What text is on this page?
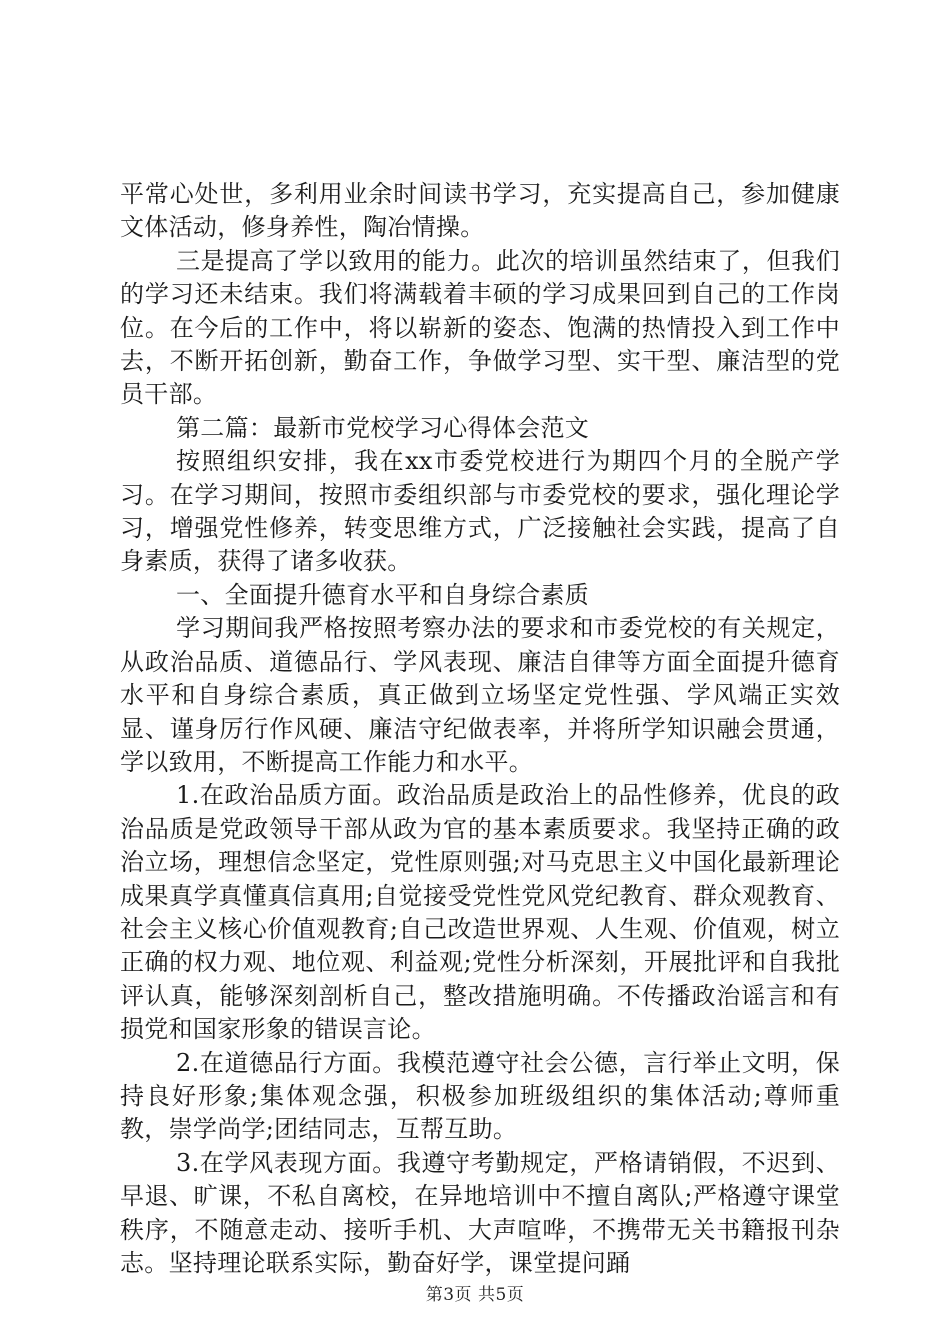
平常心处世，多利用业余时间读书学习，充实提高自己，参加健康文体活动，修身养性，陶冶情操。

三是提高了学以致用的能力。此次的培训虽然结束了，但我们的学习还未结束。我们将满载着丰硕的学习成果回到自己的工作岗位。在今后的工作中，将以崭新的姿态、饱满的热情投入到工作中去，不断开拓创新，勤奋工作，争做学习型、实干型、廉洁型的党员干部。

第二篇：最新市党校学习心得体会范文

按照组织安排，我在xx市委党校进行为期四个月的全脱产学习。在学习期间，按照市委组织部与市委党校的要求，强化理论学习，增强党性修养，转变思维方式，广泛接触社会实践，提高了自身素质，获得了诸多收获。

一、全面提升德育水平和自身综合素质

学习期间我严格按照考察办法的要求和市委党校的有关规定，从政治品质、道德品行、学风表现、廉洁自律等方面全面提升德育水平和自身综合素质，真正做到立场坚定党性强、学风端正实效显、谨身厉行作风硬、廉洁守纪做表率，并将所学知识融会贯通，学以致用，不断提高工作能力和水平。

1.在政治品质方面。政治品质是政治上的品性修养，优良的政治品质是党政领导干部从政为官的基本素质要求。我坚持正确的政治立场，理想信念坚定，党性原则强;对马克思主义中国化最新理论成果真学真懂真信真用;自觉接受党性党风党纪教育、群众观教育、社会主义核心价值观教育;自己改造世界观、人生观、价值观，树立正确的权力观、地位观、利益观;党性分析深刻，开展批评和自我批评认真，能够深刻剖析自己，整改措施明确。不传播政治谣言和有损党和国家形象的错误言论。

2.在道德品行方面。我模范遵守社会公德，言行举止文明，保持良好形象;集体观念强，积极参加班级组织的集体活动;尊师重教，崇学尚学;团结同志，互帮互助。

3.在学风表现方面。我遵守考勤规定，严格请销假，不迟到、早退、旷课，不私自离校，在异地培训中不擅自离队;严格遵守课堂秩序，不随意走动、接听手机、大声喧哗，不携带无关书籍报刊杂志。坚持理论联系实际，勤奋好学，课堂提问踊

第3页 共5页
